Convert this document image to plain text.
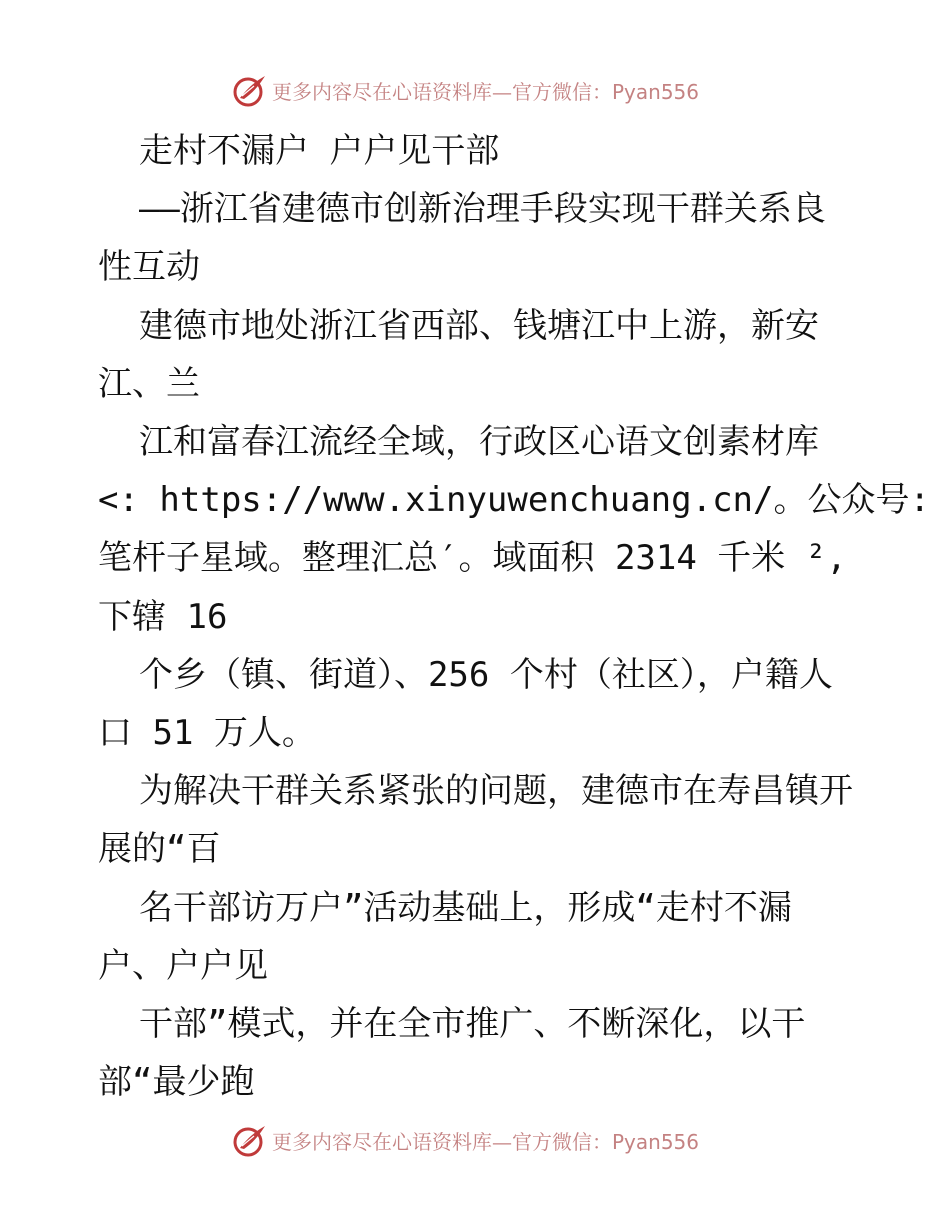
更多内容尽在心语资料库—官方微信：Pyan556

走村不漏户 户户见干部

——浙江省建德市创新治理手段实现干群关系良

性互动

建德市地处浙江省西部、钱塘江中上游，新安

江、兰

江和富春江流经全域，行政区心语文创素材库

<: https://www.xinyuwenchuang.cn/。公众号:

笔杆子星域。整理汇总′。域面积 2314 千米 ²,

下辖 16

个乡（镇、街道）、256 个村（社区），户籍人

口 51 万人。

为解决干群关系紧张的问题，建德市在寿昌镇开

展的“百

名干部访万户”活动基础上，形成“走村不漏

户、户户见

干部”模式，并在全市推广、不断深化，以干

部“最少跑

更多内容尽在心语资料库—官方微信：Pyan556
